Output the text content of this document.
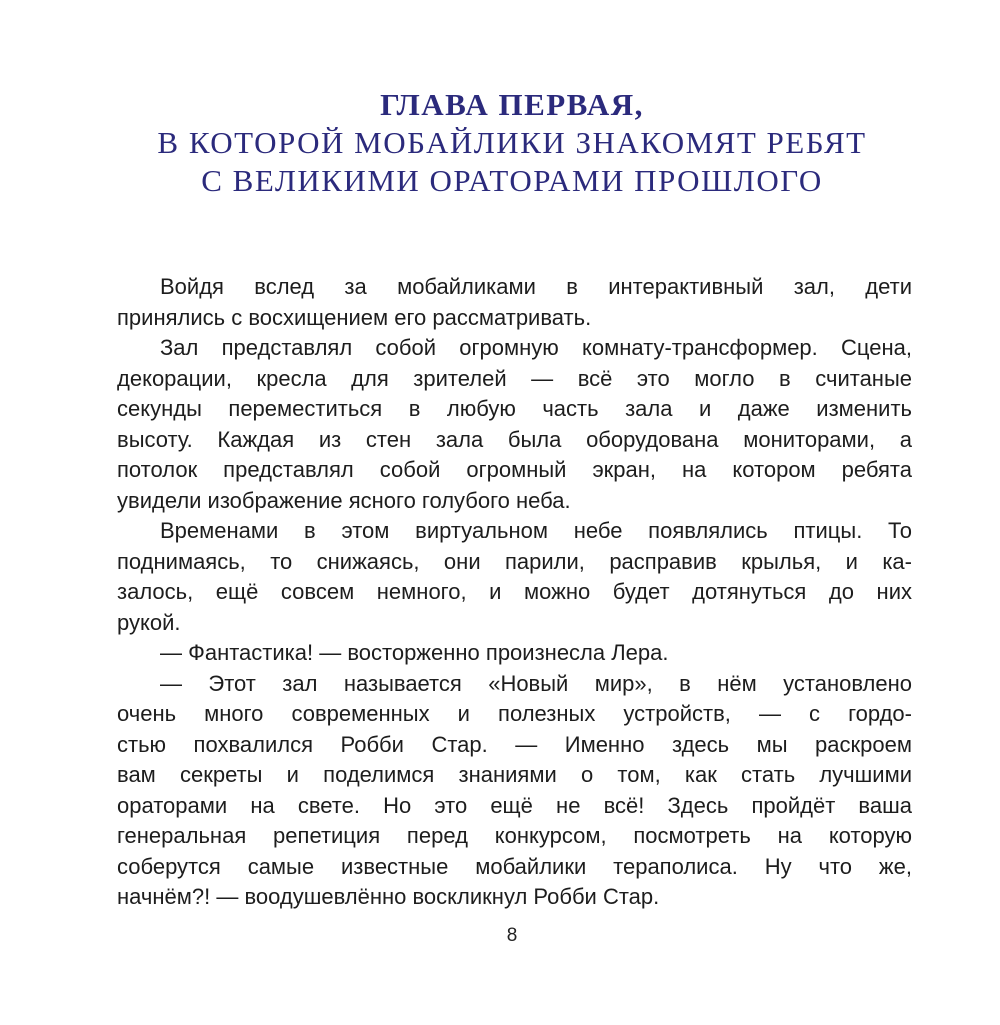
ГЛАВА ПЕРВАЯ,
В КОТОРОЙ МОБАЙЛИКИ ЗНАКОМЯТ РЕБЯТ
С ВЕЛИКИМИ ОРАТОРАМИ ПРОШЛОГО
Войдя вслед за мобайликами в интерактивный зал, дети
принялись с восхищением его рассматривать.
Зал представлял собой огромную комнату-трансформер. Сцена,
декорации, кресла для зрителей — всё это могло в считаные
секунды переместиться в любую часть зала и даже изменить
высоту. Каждая из стен зала была оборудована мониторами, а
потолок представлял собой огромный экран, на котором ребята
увидели изображение ясного голубого неба.
Временами в этом виртуальном небе появлялись птицы. То
поднимаясь, то снижаясь, они парили, расправив крылья, и ка-
залось, ещё совсем немного, и можно будет дотянуться до них
рукой.
— Фантастика! — восторженно произнесла Лера.
— Этот зал называется «Новый мир», в нём установлено
очень много современных и полезных устройств, — с гордо-
стью похвалился Робби Стар. — Именно здесь мы раскроем
вам секреты и поделимся знаниями о том, как стать лучшими
ораторами на свете. Но это ещё не всё! Здесь пройдёт ваша
генеральная репетиция перед конкурсом, посмотреть на которую
соберутся самые известные мобайлики тераполиса. Ну что же,
начнём?! — воодушевлённо воскликнул Робби Стар.
8
